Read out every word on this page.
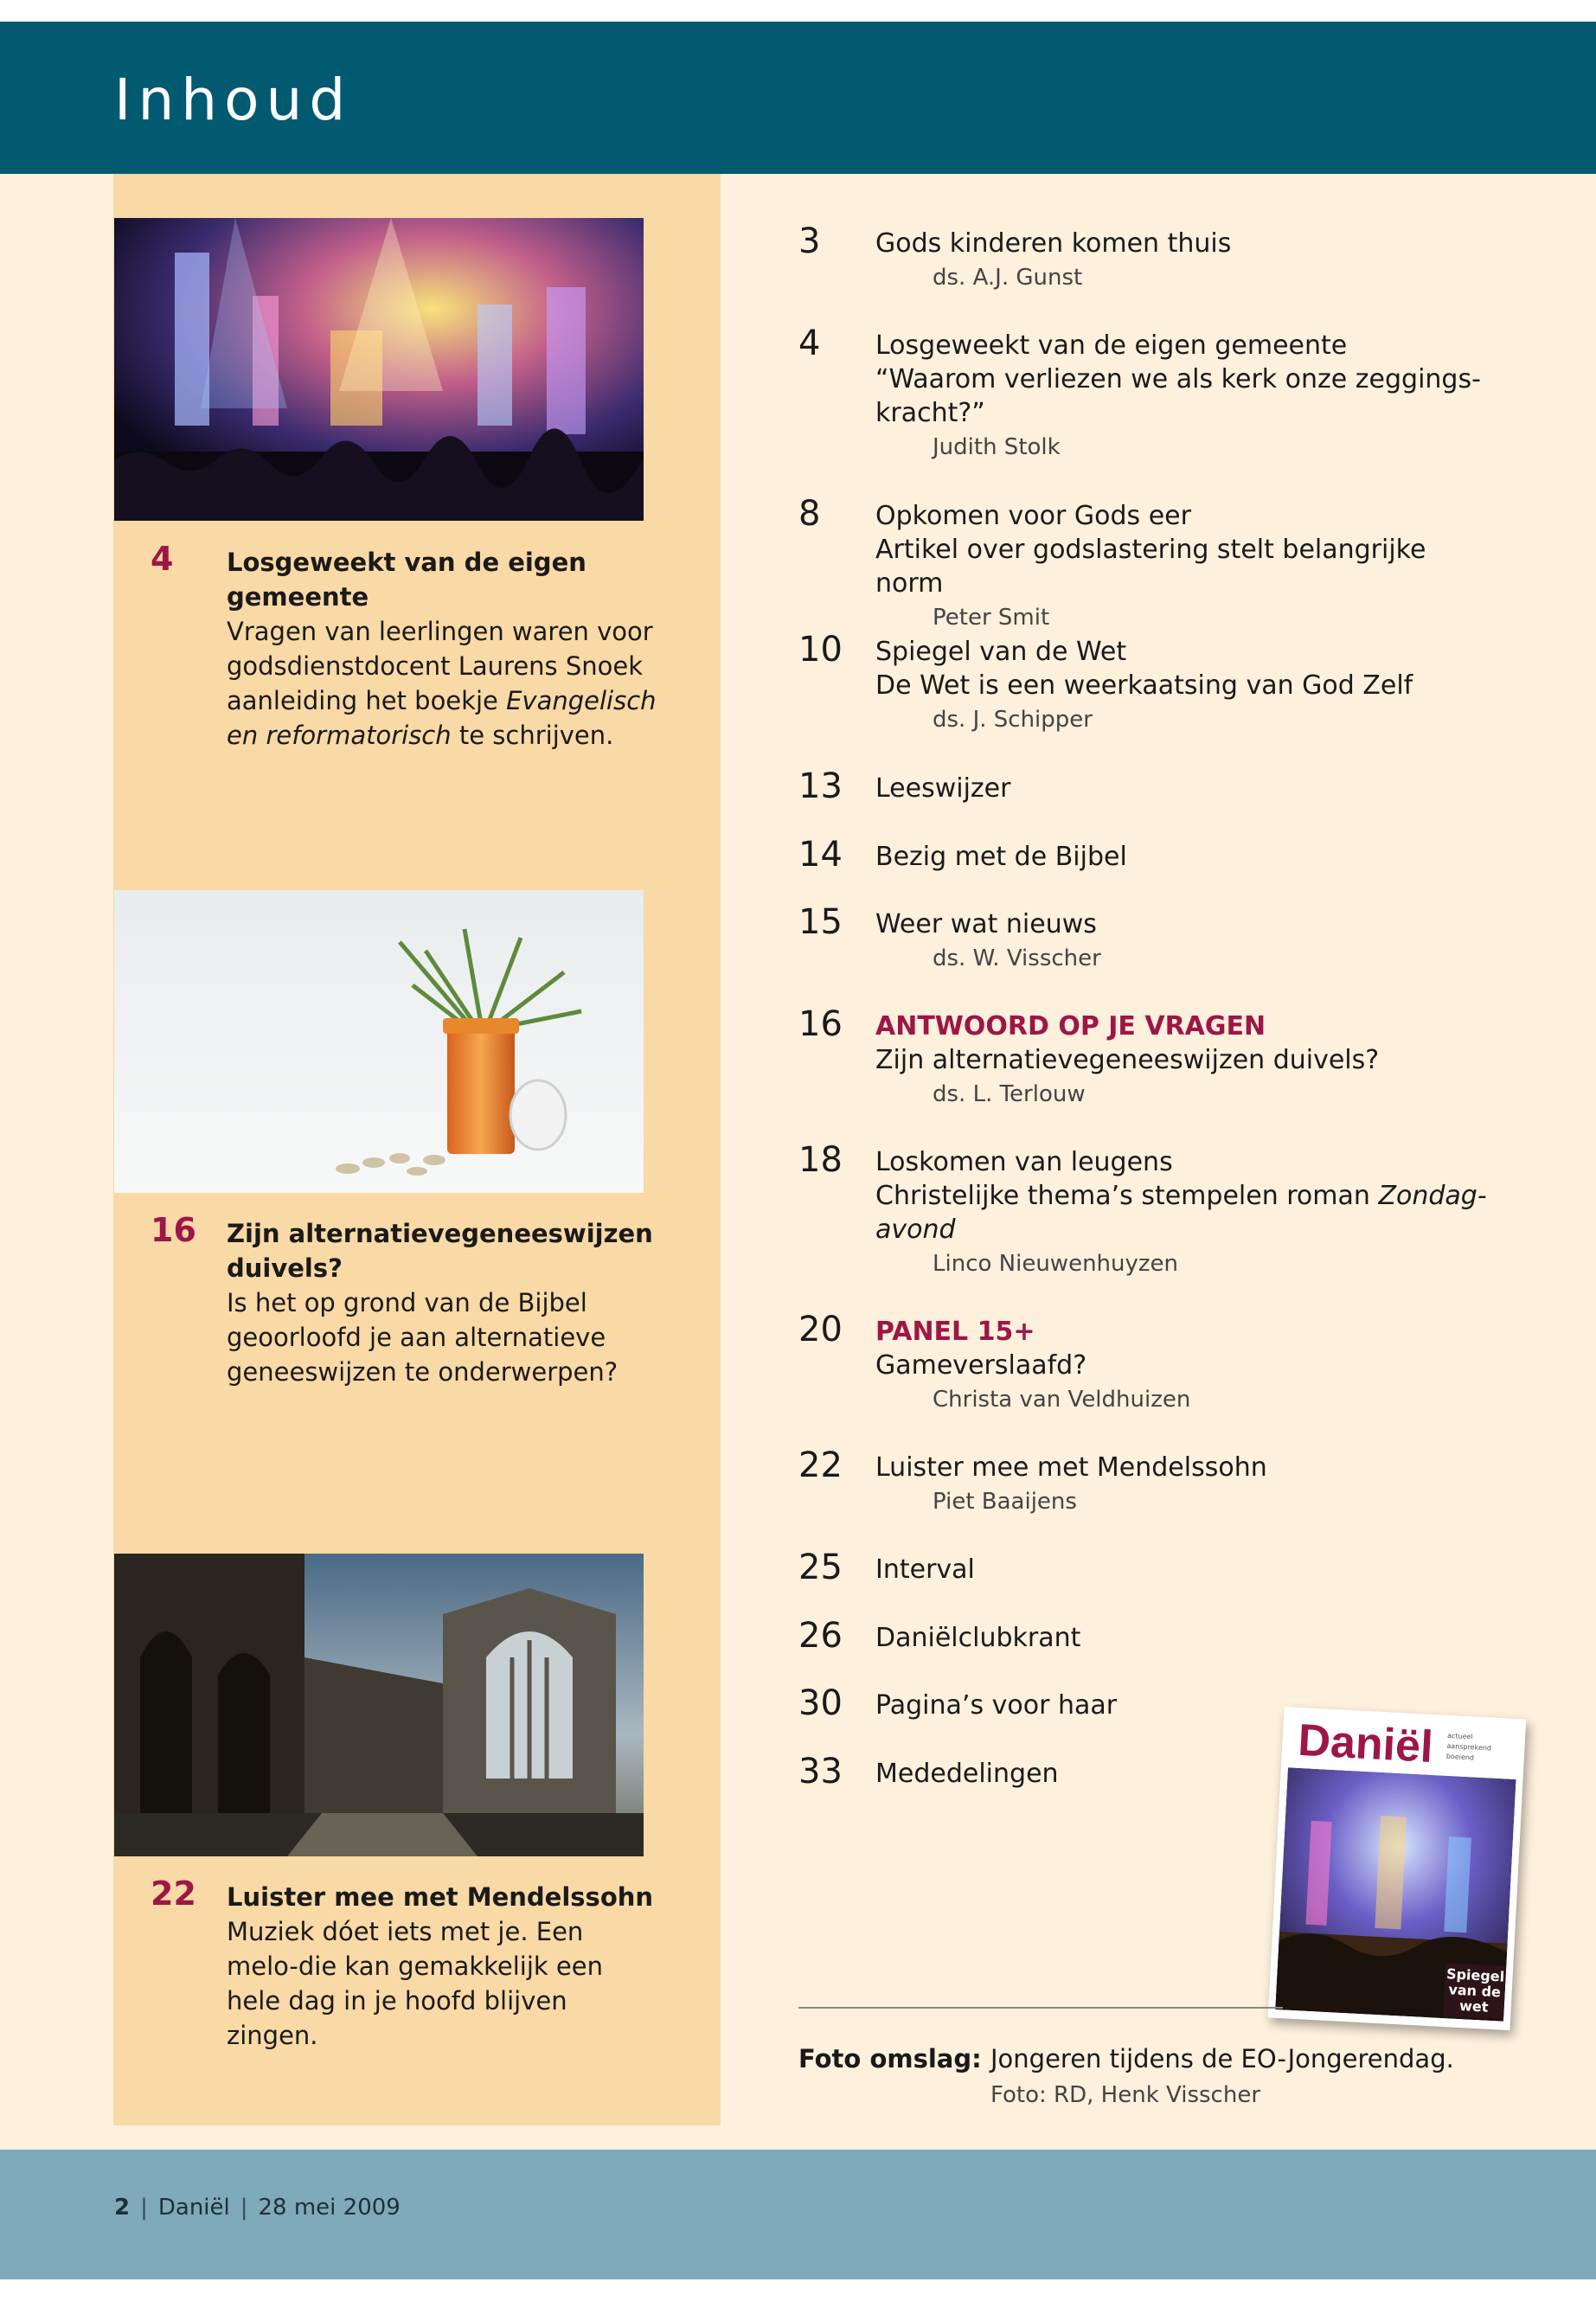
Inhoud
4 Losgeweekt van de eigen gemeente
Vragen van leerlingen waren voor godsdienstdocent Laurens Snoek aanleiding het boekje Evangelisch en reformatorisch te schrijven.
16 Zijn alternatievegeneeswijzen duivels?
Is het op grond van de Bijbel geoorloofd je aan alternatieve geneeswijzen te onderwerpen?
22 Luister mee met Mendelssohn
Muziek dóet iets met je. Een melo-die kan gemakkelijk een hele dag in je hoofd blijven zingen.
3 Gods kinderen komen thuis
ds. A.J. Gunst
4 Losgeweekt van de eigen gemeente
“Waarom verliezen we als kerk onze zeggings-kracht?”
Judith Stolk
8 Opkomen voor Gods eer
Artikel over godslastering stelt belangrijke norm
Peter Smit
10 Spiegel van de Wet
De Wet is een weerkaatsing van God Zelf
ds. J. Schipper
13 Leeswijzer
14 Bezig met de Bijbel
15 Weer wat nieuws
ds. W. Visscher
16 ANTWOORD OP JE VRAGEN
Zijn alternatievegeneeswijzen duivels?
ds. L. Terlouw
18 Loskomen van leugens
Christelijke thema’s stempelen roman Zondag-avond
Linco Nieuwenhuyzen
20 PANEL 15+
Gameverslaafd?
Christa van Veldhuizen
22 Luister mee met Mendelssohn
Piet Baaijens
25 Interval
26 Daniëlclubkrant
30 Pagina’s voor haar
33 Mededelingen
Daniël actueel
aansprekend
boeiend
Spiegel van de wet
Foto omslag: Jongeren tijdens de EO-Jongerendag.
Foto: RD, Henk Visscher
2 | Daniël | 28 mei 2009
